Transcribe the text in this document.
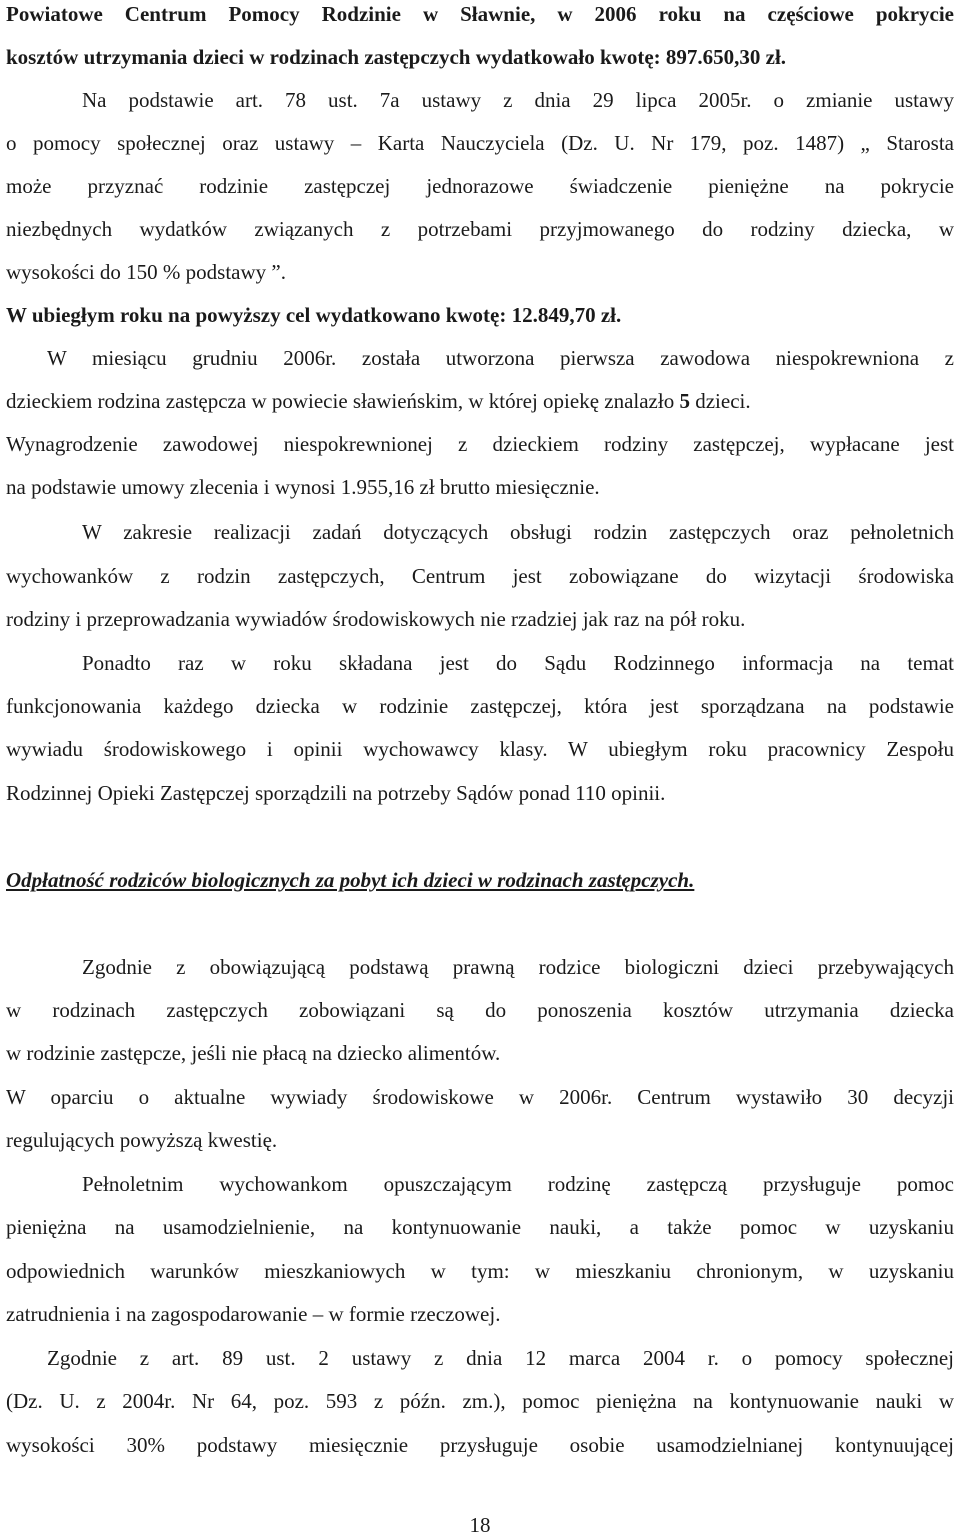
Powiatowe Centrum Pomocy Rodzinie w Sławnie, w 2006 roku na częściowe pokrycie
kosztów utrzymania dzieci w rodzinach zastępczych wydatkowało kwotę: 897.650,30 zł.
Na podstawie art. 78 ust. 7a ustawy z dnia 29 lipca 2005r. o zmianie ustawy
o pomocy społecznej oraz ustawy – Karta Nauczyciela (Dz. U. Nr 179, poz. 1487) „ Starosta
może przyznać rodzinie zastępczej jednorazowe świadczenie pieniężne na pokrycie
niezbędnych wydatków związanych z potrzebami przyjmowanego do rodziny dziecka, w
wysokości do 150 % podstawy ”.
W ubiegłym roku na powyższy cel wydatkowano kwotę: 12.849,70 zł.
W miesiącu grudniu 2006r. została utworzona pierwsza zawodowa niespokrewniona z
dzieckiem rodzina zastępcza w powiecie sławieńskim, w której opiekę znalazło 5 dzieci.
Wynagrodzenie zawodowej niespokrewnionej z dzieckiem rodziny zastępczej, wypłacane jest
na podstawie umowy zlecenia i wynosi 1.955,16 zł brutto miesięcznie.
W zakresie realizacji zadań dotyczących obsługi rodzin zastępczych oraz pełnoletnich
wychowanków z rodzin zastępczych, Centrum jest zobowiązane do wizytacji środowiska
rodziny i przeprowadzania wywiadów środowiskowych nie rzadziej jak raz na pół roku.
Ponadto raz w roku składana jest do Sądu Rodzinnego informacja na temat
funkcjonowania każdego dziecka w rodzinie zastępczej, która jest sporządzana na podstawie
wywiadu środowiskowego i opinii wychowawcy klasy. W ubiegłym roku pracownicy Zespołu
Rodzinnej Opieki Zastępczej sporządzili na potrzeby Sądów ponad 110 opinii.
Odpłatność rodziców biologicznych za pobyt ich dzieci w rodzinach zastępczych.
Zgodnie z obowiązującą podstawą prawną rodzice biologiczni dzieci przebywających
w rodzinach zastępczych zobowiązani są do ponoszenia kosztów utrzymania dziecka
w rodzinie zastępcze, jeśli nie płacą na dziecko alimentów.
W oparciu o aktualne wywiady środowiskowe w 2006r. Centrum wystawiło 30 decyzji
regulujących powyższą kwestię.
Pełnoletnim wychowankom opuszczającym rodzinę zastępczą przysługuje pomoc
pieniężna na usamodzielnienie, na kontynuowanie nauki, a także pomoc w uzyskaniu
odpowiednich warunków mieszkaniowych w tym: w mieszkaniu chronionym, w uzyskaniu
zatrudnienia i na zagospodarowanie – w formie rzeczowej.
Zgodnie z art. 89 ust. 2 ustawy z dnia 12 marca 2004 r. o pomocy społecznej
(Dz. U. z 2004r. Nr 64, poz. 593 z późn. zm.), pomoc pieniężna na kontynuowanie nauki w
wysokości 30% podstawy miesięcznie przysługuje osobie usamodzielnianej kontynuującej
18
